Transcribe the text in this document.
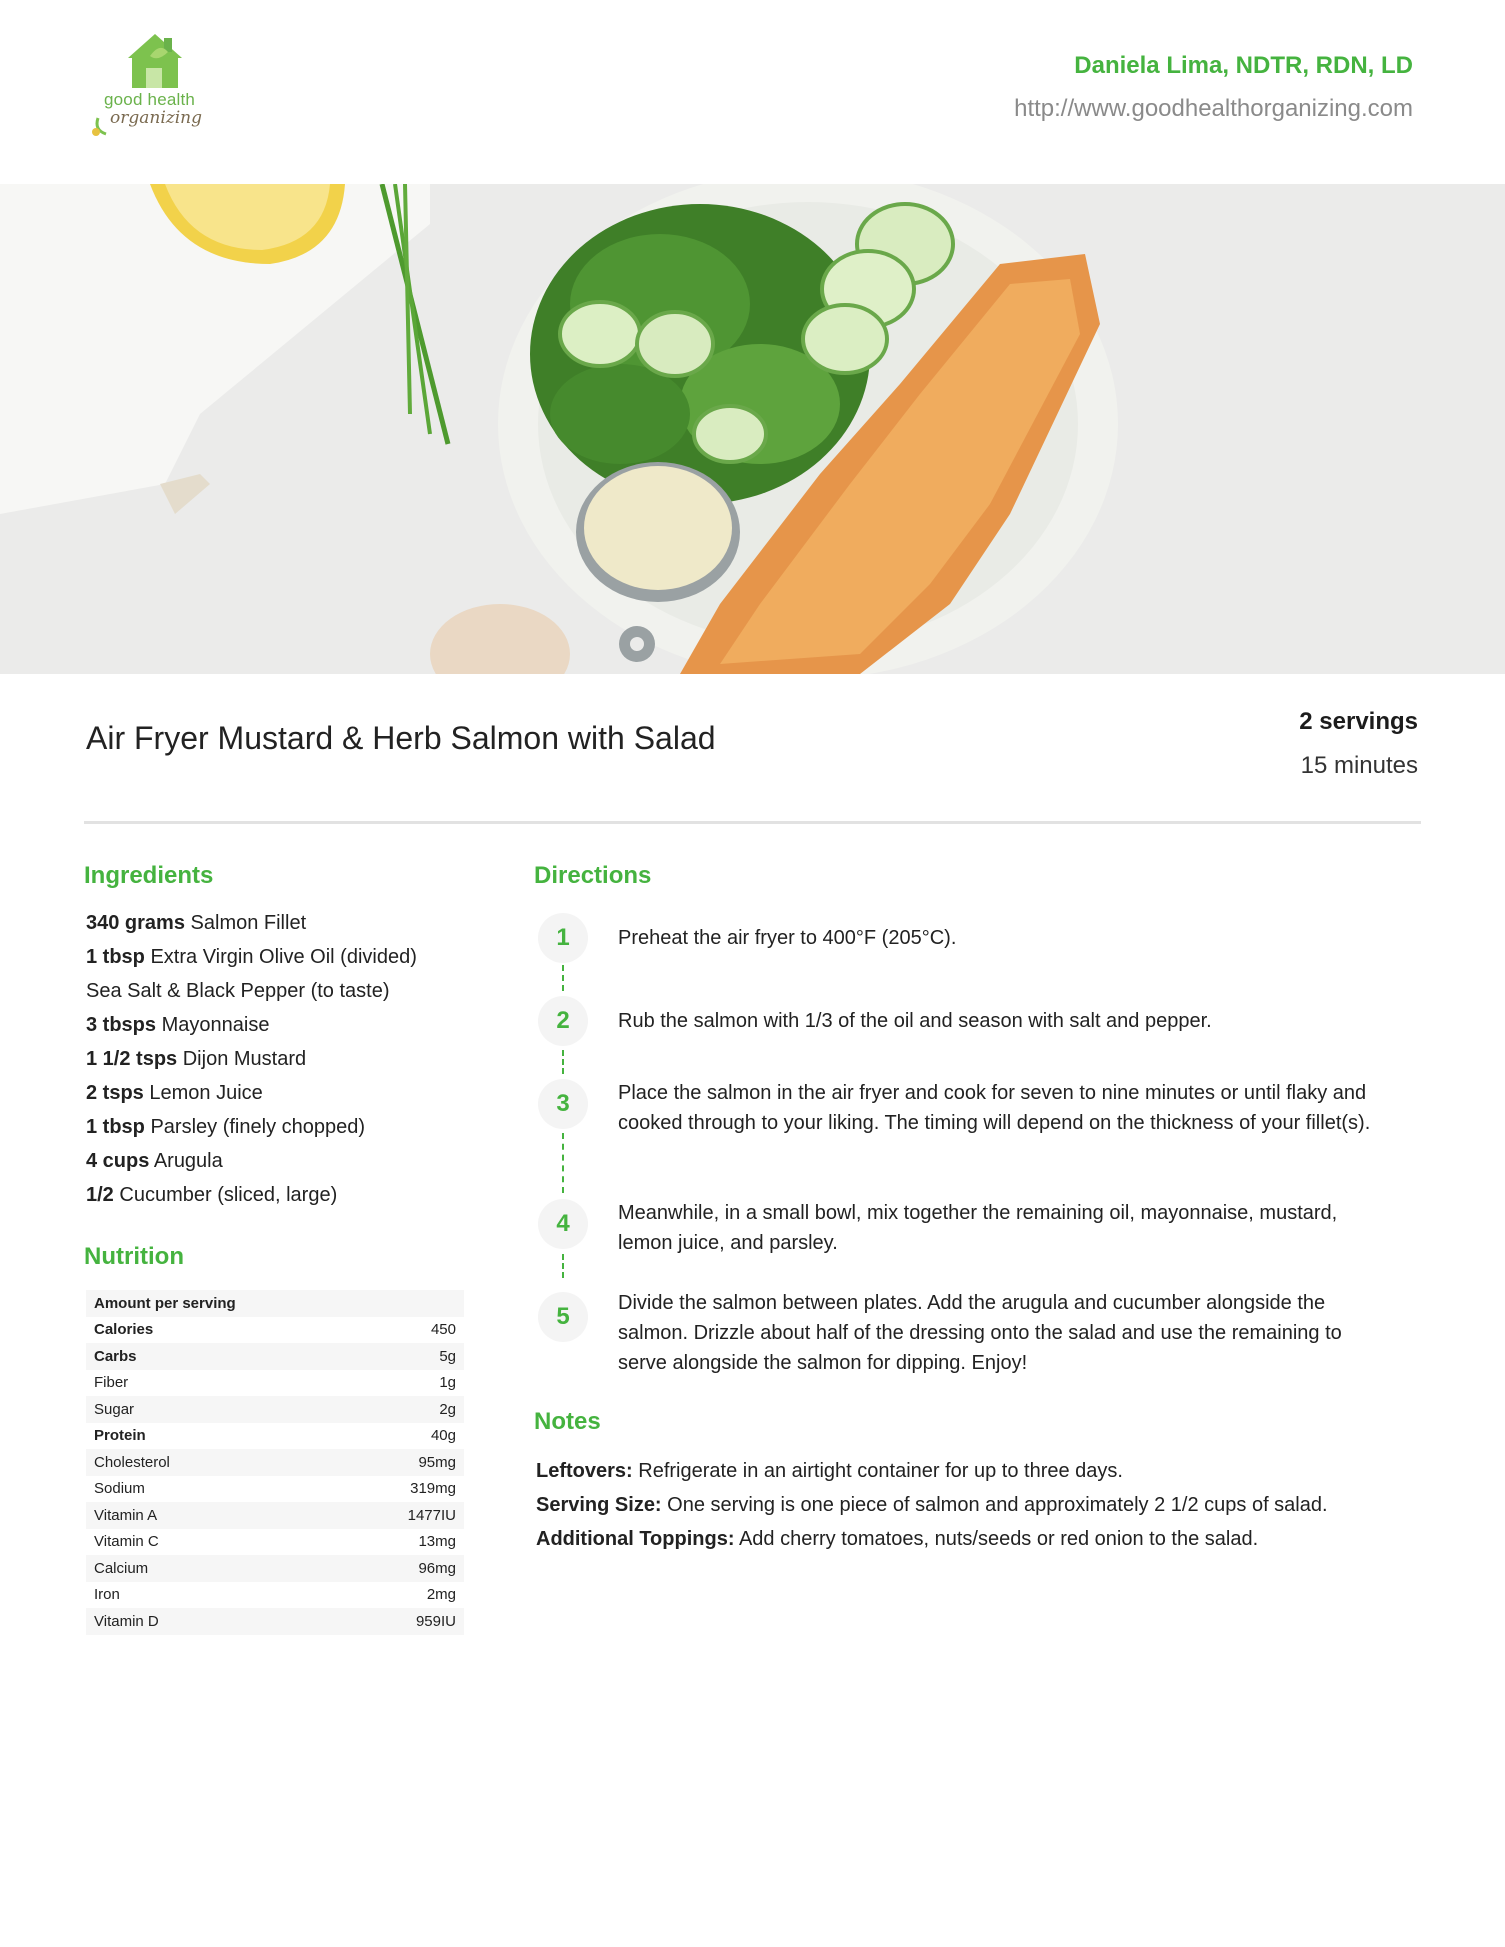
good health
organizing
Daniela Lima, NDTR, RDN, LD
http://www.goodhealthorganizing.com
Air Fryer Mustard & Herb Salmon with Salad	2 servings
15 minutes
Ingredients
340 grams Salmon Fillet
1 tbsp Extra Virgin Olive Oil (divided)
Sea Salt & Black Pepper (to taste)
3 tbsps Mayonnaise
1 1/2 tsps Dijon Mustard
2 tsps Lemon Juice
1 tbsp Parsley (finely chopped)
4 cups Arugula
1/2 Cucumber (sliced, large)
Nutrition
Amount per serving	
Calories	450
Carbs	5g
Fiber	1g
Sugar	2g
Protein	40g
Cholesterol	95mg
Sodium	319mg
Vitamin A	1477IU
Vitamin C	13mg
Calcium	96mg
Iron	2mg
Vitamin D	959IU
Directions
1	Preheat the air fryer to 400°F (205°C).
2	Rub the salmon with 1/3 of the oil and season with salt and pepper.
3	Place the salmon in the air fryer and cook for seven to nine minutes or until flaky and cooked through to your liking. The timing will depend on the thickness of your fillet(s).
4	Meanwhile, in a small bowl, mix together the remaining oil, mayonnaise, mustard, lemon juice, and parsley.
5	Divide the salmon between plates. Add the arugula and cucumber alongside the salmon. Drizzle about half of the dressing onto the salad and use the remaining to serve alongside the salmon for dipping. Enjoy!
Notes
Leftovers: Refrigerate in an airtight container for up to three days.
Serving Size: One serving is one piece of salmon and approximately 2 1/2 cups of salad.
Additional Toppings: Add cherry tomatoes, nuts/seeds or red onion to the salad.
